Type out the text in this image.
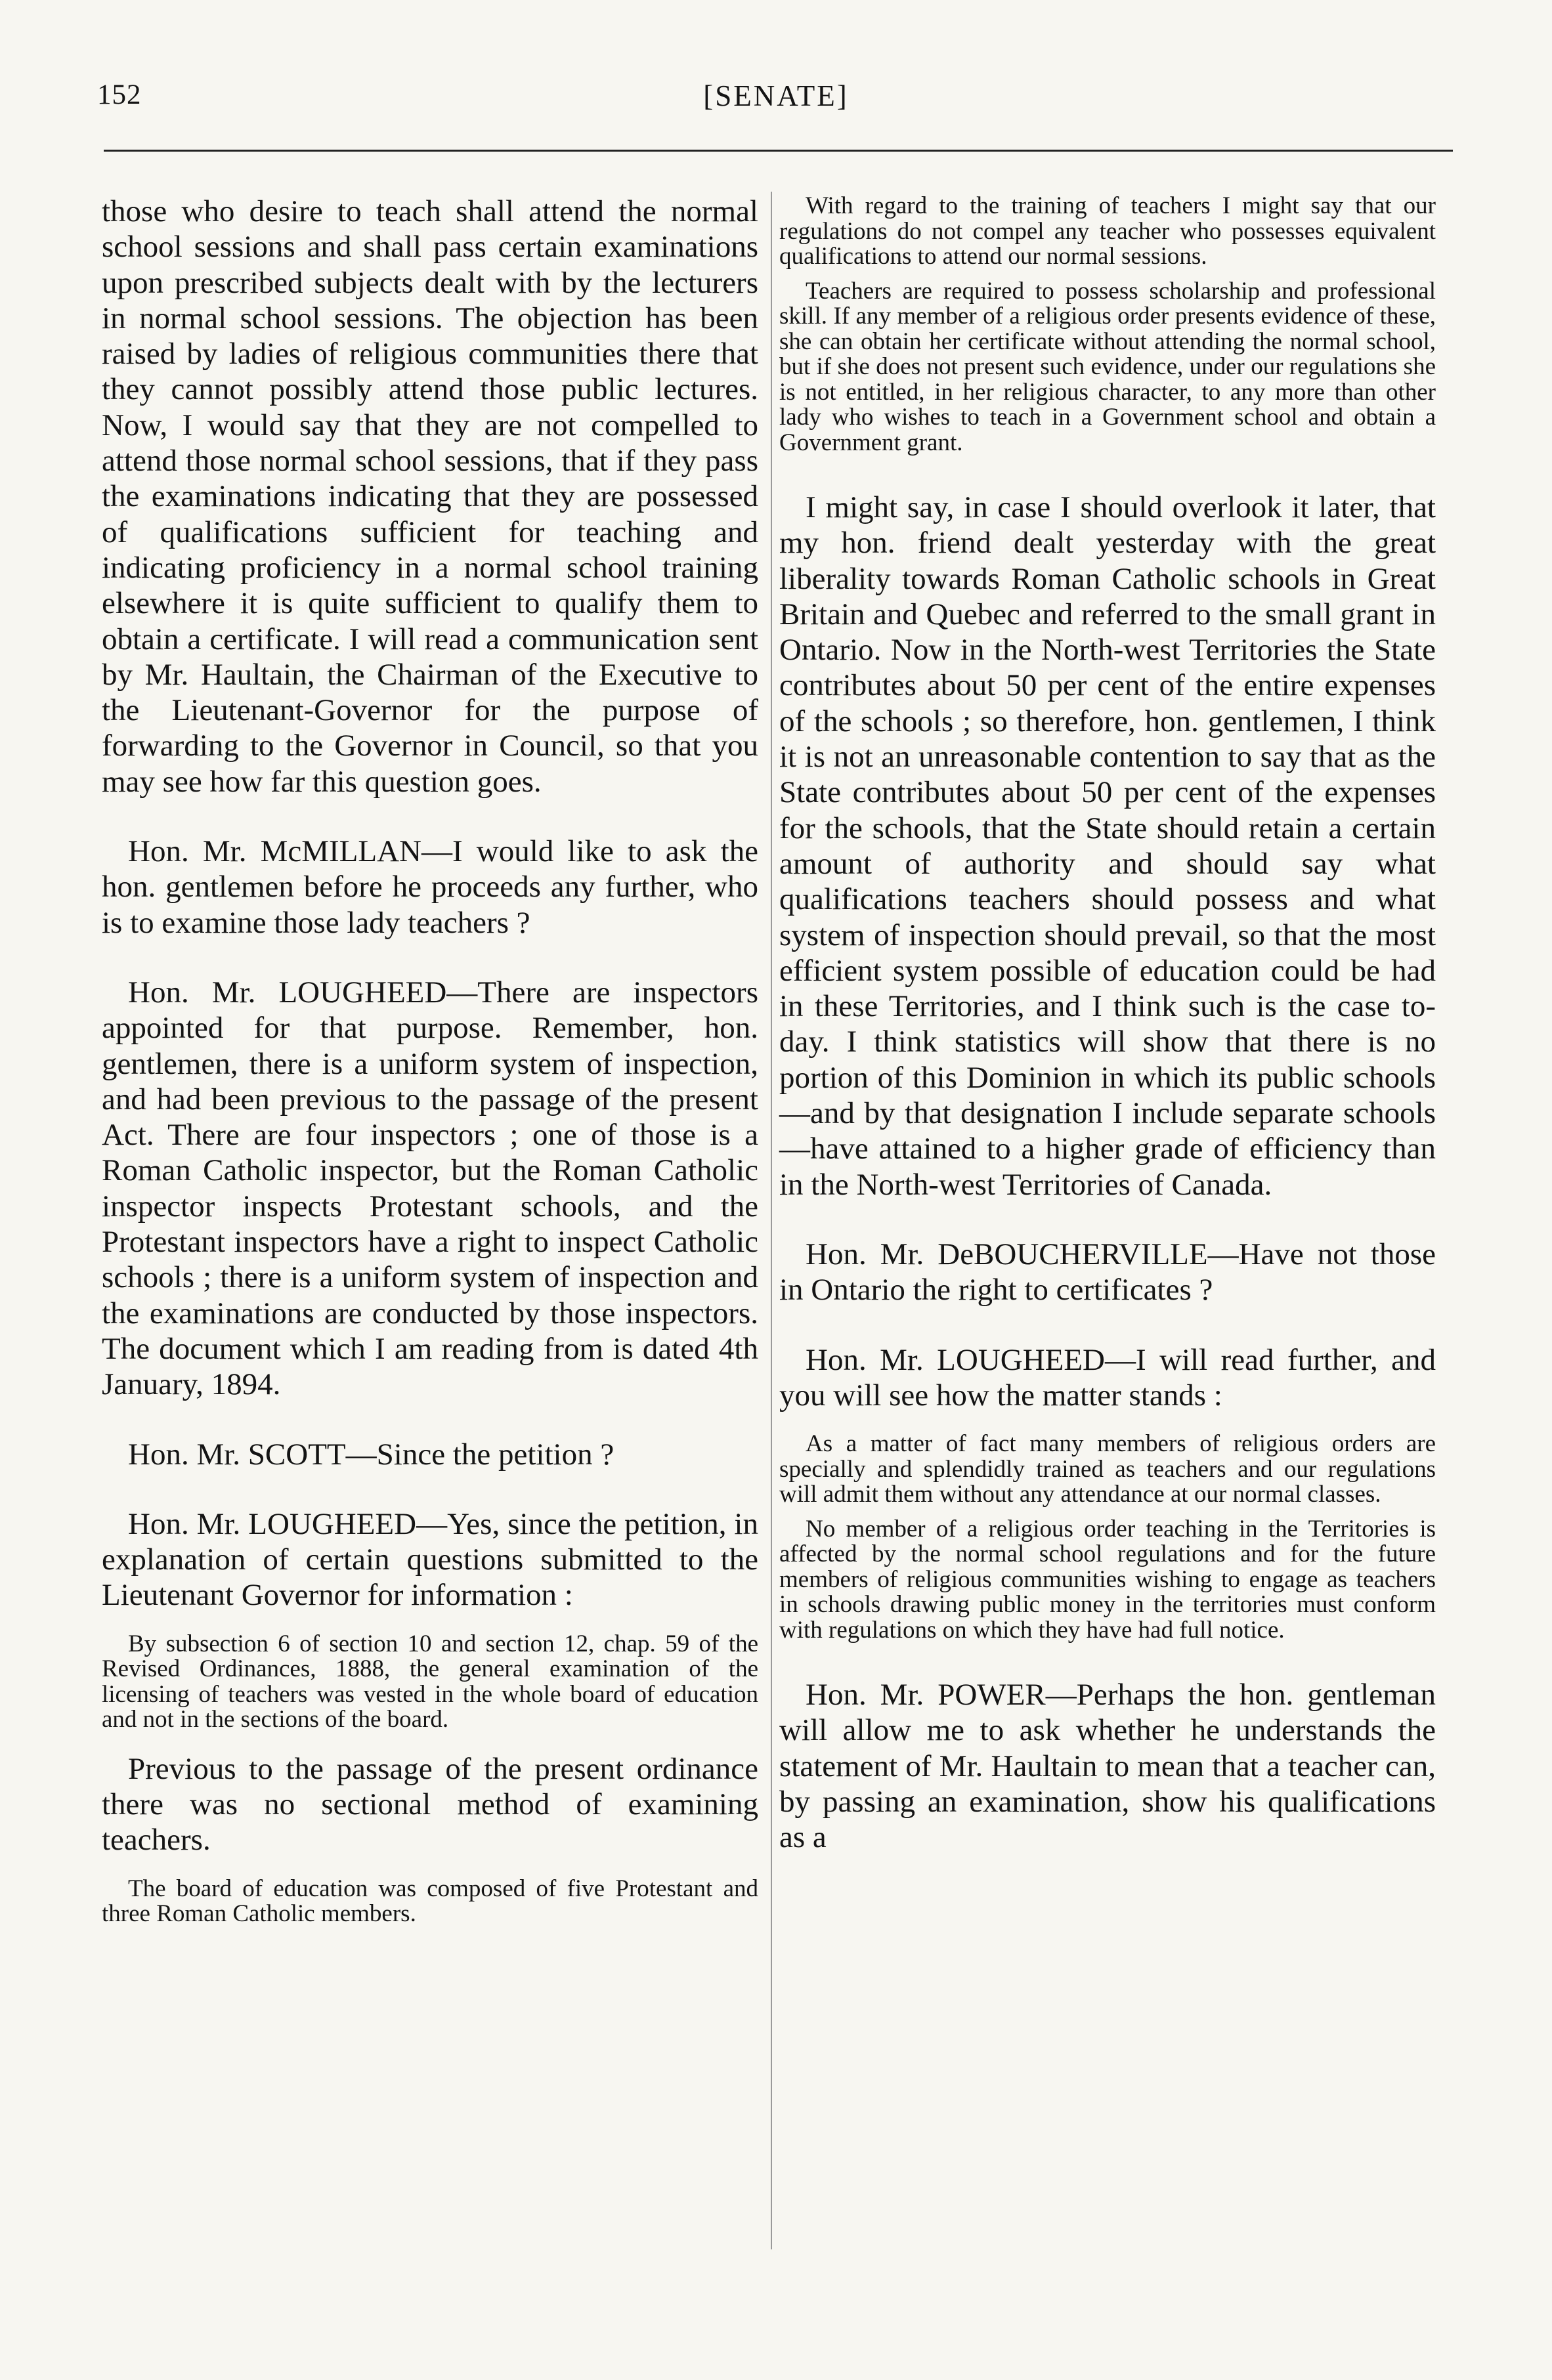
152	[SENATE]

those who desire to teach shall attend the normal school sessions and shall pass certain examinations upon prescribed subjects dealt with by the lecturers in normal school sessions. The objection has been raised by ladies of religious communities there that they cannot possibly attend those public lectures. Now, I would say that they are not compelled to attend those normal school sessions, that if they pass the examinations indicating that they are possessed of qualifications sufficient for teaching and indicating proficiency in a normal school training elsewhere it is quite sufficient to qualify them to obtain a certificate. I will read a communication sent by Mr. Haultain, the Chairman of the Executive to the Lieutenant-Governor for the purpose of forwarding to the Governor in Council, so that you may see how far this question goes.

Hon. Mr. McMILLAN—I would like to ask the hon. gentlemen before he proceeds any further, who is to examine those lady teachers ?

Hon. Mr. LOUGHEED—There are inspectors appointed for that purpose. Remember, hon. gentlemen, there is a uniform system of inspection, and had been previous to the passage of the present Act. There are four inspectors ; one of those is a Roman Catholic inspector, but the Roman Catholic inspector inspects Protestant schools, and the Protestant inspectors have a right to inspect Catholic schools ; there is a uniform system of inspection and the examinations are conducted by those inspectors. The document which I am reading from is dated 4th January, 1894.

Hon. Mr. SCOTT—Since the petition ?

Hon. Mr. LOUGHEED—Yes, since the petition, in explanation of certain questions submitted to the Lieutenant Governor for information :

By subsection 6 of section 10 and section 12, chap. 59 of the Revised Ordinances, 1888, the general examination of the licensing of teachers was vested in the whole board of education and not in the sections of the board.

Previous to the passage of the present ordinance there was no sectional method of examining teachers.

The board of education was composed of five Protestant and three Roman Catholic members.

With regard to the training of teachers I might say that our regulations do not compel any teacher who possesses equivalent qualifications to attend our normal sessions.

Teachers are required to possess scholarship and professional skill. If any member of a religious order presents evidence of these, she can obtain her certificate without attending the normal school, but if she does not present such evidence, under our regulations she is not entitled, in her religious character, to any more than other lady who wishes to teach in a Government school and obtain a Government grant.

I might say, in case I should overlook it later, that my hon. friend dealt yesterday with the great liberality towards Roman Catholic schools in Great Britain and Quebec and referred to the small grant in Ontario. Now in the North-west Territories the State contributes about 50 per cent of the entire expenses of the schools ; so therefore, hon. gentlemen, I think it is not an unreasonable contention to say that as the State contributes about 50 per cent of the expenses for the schools, that the State should retain a certain amount of authority and should say what qualifications teachers should possess and what system of inspection should prevail, so that the most efficient system possible of education could be had in these Territories, and I think such is the case to-day. I think statistics will show that there is no portion of this Dominion in which its public schools—and by that designation I include separate schools—have attained to a higher grade of efficiency than in the North-west Territories of Canada.

Hon. Mr. DeBOUCHERVILLE—Have not those in Ontario the right to certificates ?

Hon. Mr. LOUGHEED—I will read further, and you will see how the matter stands :

As a matter of fact many members of religious orders are specially and splendidly trained as teachers and our regulations will admit them without any attendance at our normal classes.

No member of a religious order teaching in the Territories is affected by the normal school regulations and for the future members of religious communities wishing to engage as teachers in schools drawing public money in the territories must conform with regulations on which they have had full notice.

Hon. Mr. POWER—Perhaps the hon. gentleman will allow me to ask whether he understands the statement of Mr. Haultain to mean that a teacher can, by passing an examination, show his qualifications as a
